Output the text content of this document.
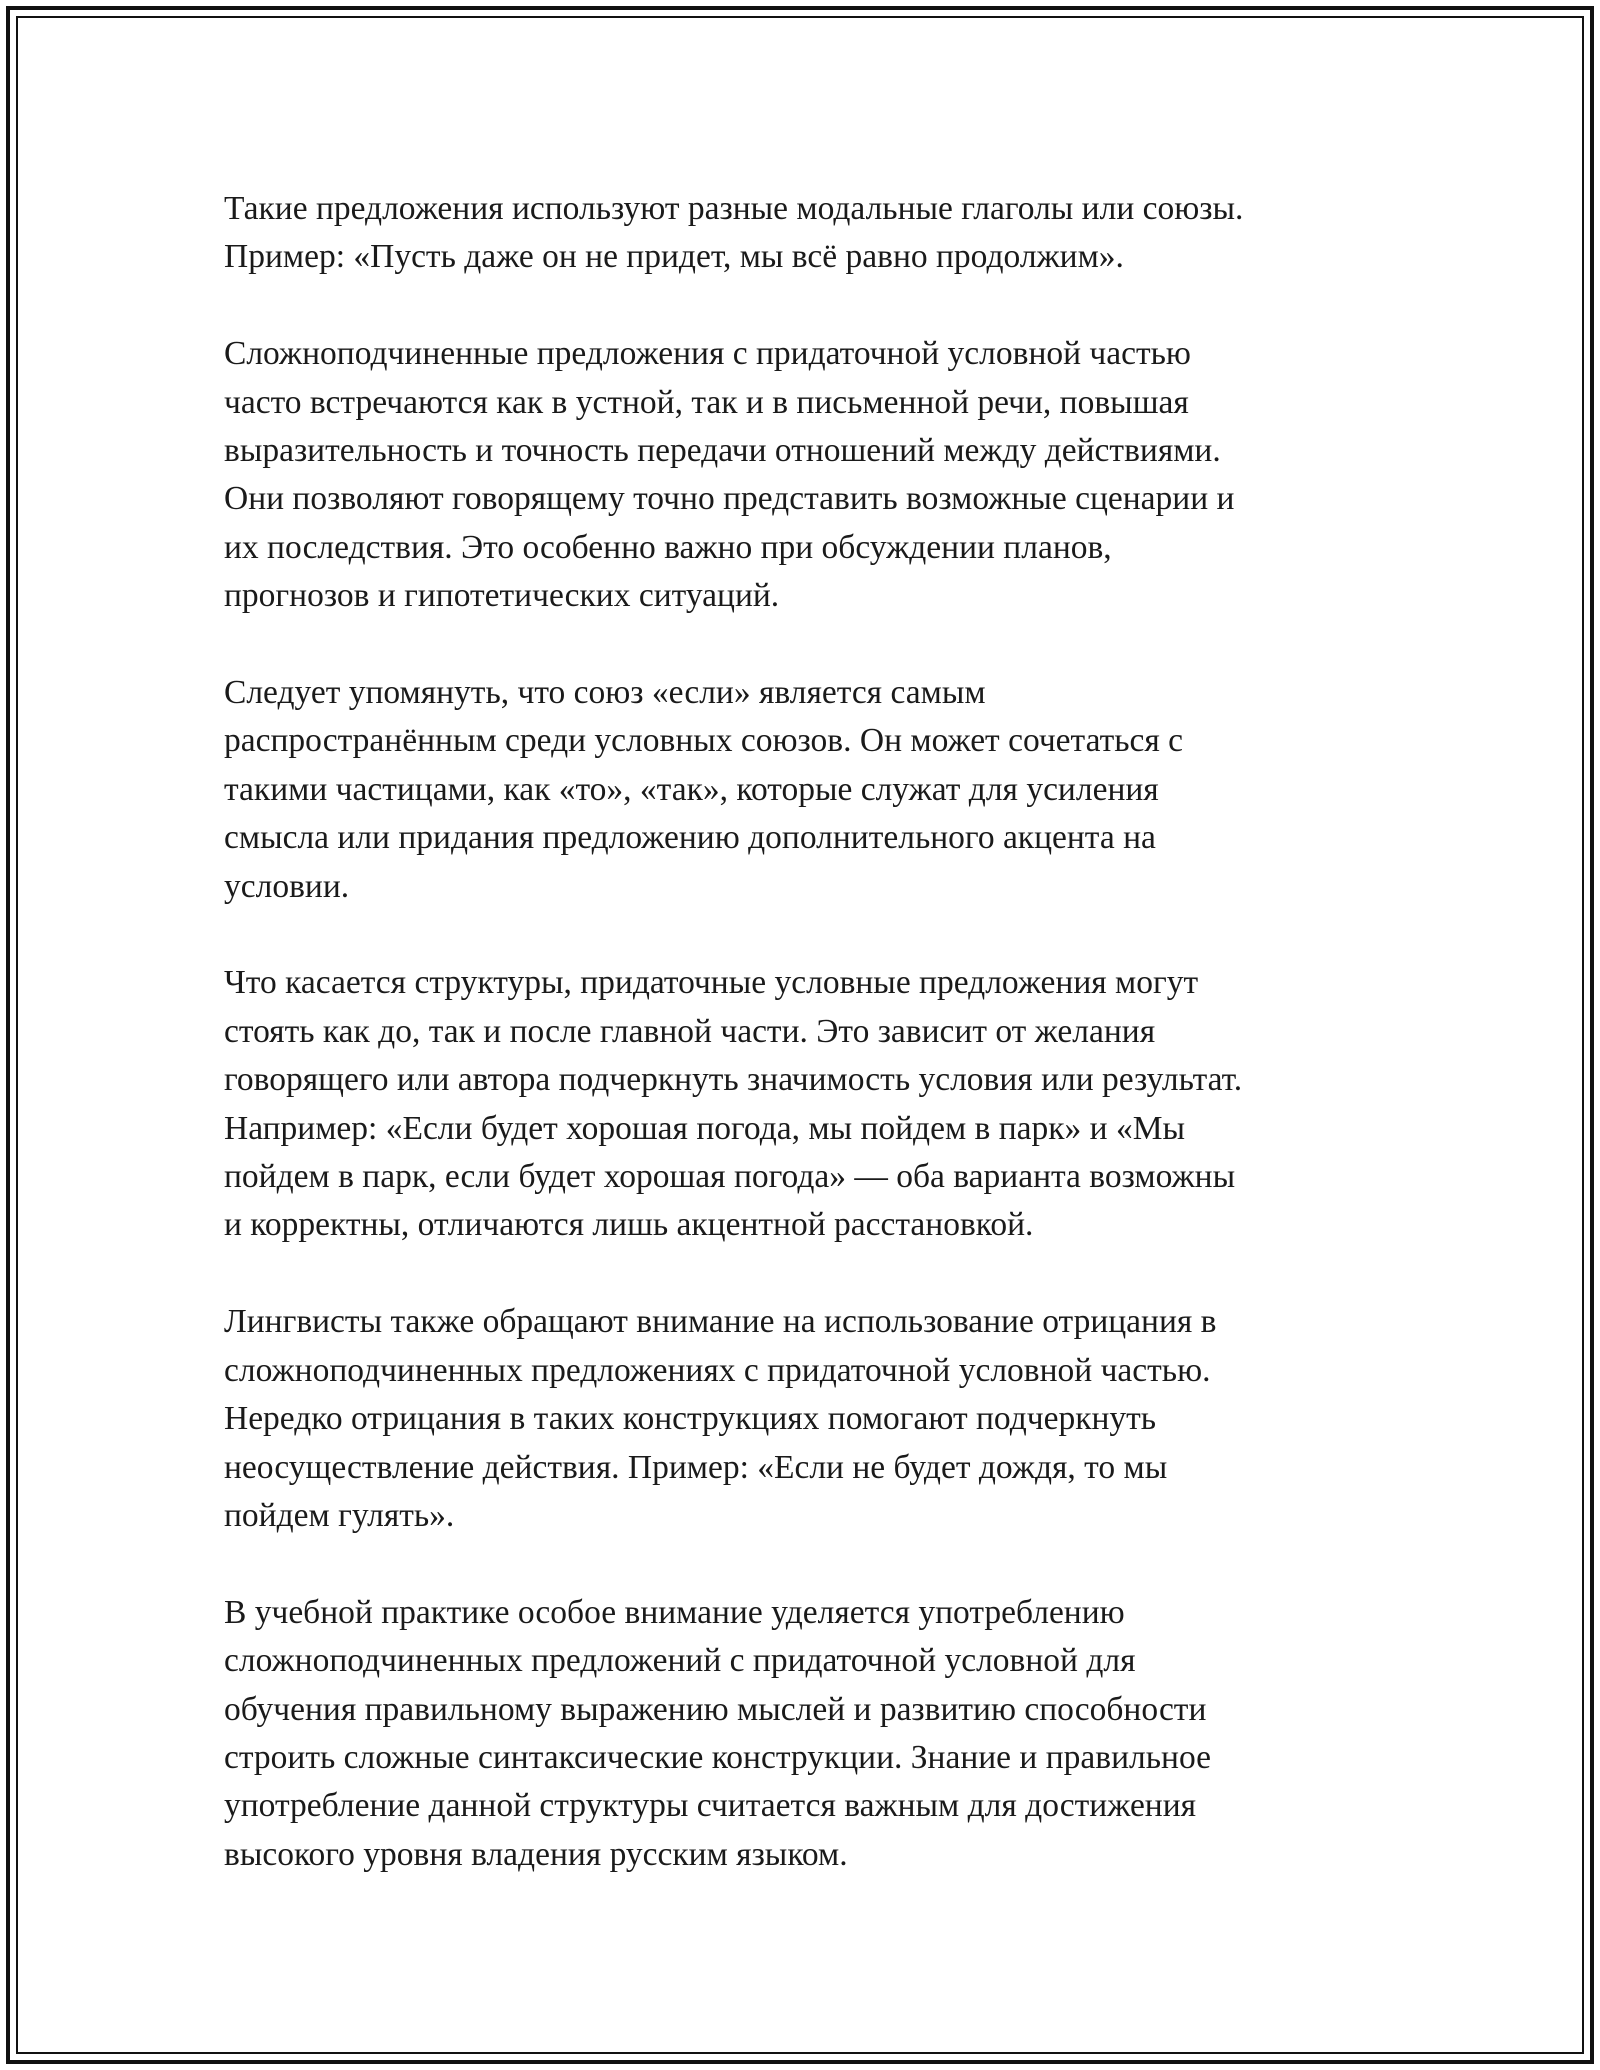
Такие предложения используют разные модальные глаголы или союзы.
Пример: «Пусть даже он не придет, мы всё равно продолжим».

Сложноподчиненные предложения с придаточной условной частью
часто встречаются как в устной, так и в письменной речи, повышая
выразительность и точность передачи отношений между действиями.
Они позволяют говорящему точно представить возможные сценарии и
их последствия. Это особенно важно при обсуждении планов,
прогнозов и гипотетических ситуаций.

Следует упомянуть, что союз «если» является самым
распространённым среди условных союзов. Он может сочетаться с
такими частицами, как «то», «так», которые служат для усиления
смысла или придания предложению дополнительного акцента на
условии.

Что касается структуры, придаточные условные предложения могут
стоять как до, так и после главной части. Это зависит от желания
говорящего или автора подчеркнуть значимость условия или результат.
Например: «Если будет хорошая погода, мы пойдем в парк» и «Мы
пойдем в парк, если будет хорошая погода» — оба варианта возможны
и корректны, отличаются лишь акцентной расстановкой.

Лингвисты также обращают внимание на использование отрицания в
сложноподчиненных предложениях с придаточной условной частью.
Нередко отрицания в таких конструкциях помогают подчеркнуть
неосуществление действия. Пример: «Если не будет дождя, то мы
пойдем гулять».

В учебной практике особое внимание уделяется употреблению
сложноподчиненных предложений с придаточной условной для
обучения правильному выражению мыслей и развитию способности
строить сложные синтаксические конструкции. Знание и правильное
употребление данной структуры считается важным для достижения
высокого уровня владения русским языком.
